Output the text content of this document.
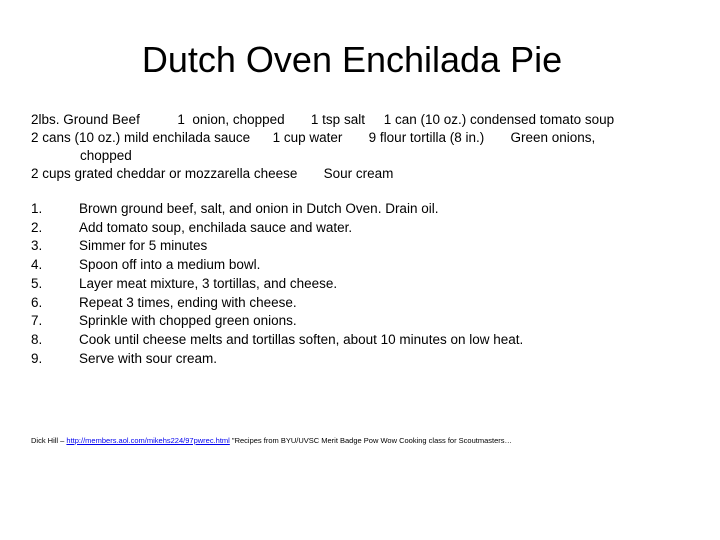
Dutch Oven Enchilada Pie

2lbs. Ground Beef          1  onion, chopped       1 tsp salt     1 can (10 oz.) condensed tomato soup

2 cans (10 oz.) mild enchilada sauce      1 cup water       9 flour tortilla (8 in.)       Green onions,

chopped

2 cups grated cheddar or mozzarella cheese       Sour cream

1.	Brown ground beef, salt, and onion in Dutch Oven. Drain oil.
2.	Add tomato soup, enchilada sauce and water.
3.	Simmer for 5 minutes
4.	Spoon off into a medium bowl.
5.	Layer meat mixture, 3 tortillas, and cheese.
6.	Repeat 3 times, ending with cheese.
7.	Sprinkle with chopped green onions.
8.	Cook until cheese melts and tortillas soften, about 10 minutes on low heat.
9.	Serve with sour cream.
Dick Hill – http://members.aol.com/mikehs224/97pwrec.html "Recipes from BYU/UVSC Merit Badge Pow Wow Cooking class for Scoutmasters…
